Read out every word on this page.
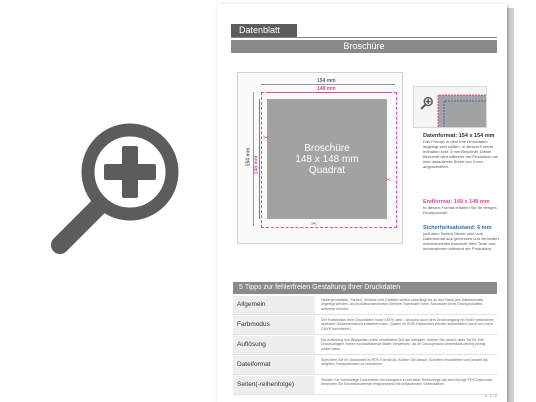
Datenblatt
Broschüre
154 mm
148 mm
154 mm 148 mm
Broschüre
148 x 148 mm
Quadrat
✂
✂
✂
Datenformat: 154 x 154 mm
Das Format, in dem Ihre Druckdaten angelegt sein sollten. In diesem Format enthalten sind: 3 mm Beschnitt. Dieser Beschnitt wird während der Produktion um eine umlaufende Breite von 3 mm abgeschnitten.
Endformat: 148 x 148 mm
In diesem Format erhalten Sie Ihr fertiges Druckprodukt.
Sicherheitsabstand: 6 mm
(auf allen Seiten) Dieser wird vom Datenformat aus gemessen und verhindert unerwünschten Anschnitt Ihrer Texte und Informationen während der Produktion.
5 Tipps zur fehlerfreien Gestaltung Ihrer Druckdaten
Allgemein
Hintergrundbilder, Farben, Verläufe und Grafiken sollten unbedingt bis an den Rand des Datenformats angelegt werden, da produktionstechnisch kleinere Toleranzen beim Schneiden Ihres Druckproduktes auftreten können.
Farbmodus
Der Farbmodus Ihrer Druckdaten muss CMYK sein - da sonst auch dem Druckvorgang ein leicht veränderter, optischer Gesamteindruck entstehen kann. (Daten im RGB-Farbmodus werden automatisch durch uns nach CMYK konvertiert.)
Auflösung
Die Auflösung von Bildquellen sollte mindestens 300 dpi betragen. Achten Sie darauf, dass Sie für Ihre Druckvorlagen immer hochauflösende Bilder verwenden, da Ihr Druckprodukt andernfalls (leicht) pixelig wirken kann.
Dateiformat
Speichern Sie Ihr Dokument im PDF-Format ab. Achten Sie darauf, Schriften einzubetten und (soweit als möglich) Transparenzen zu reduzieren.
Seiten(-reihenfolge)
Senden Sie mehrseitige Dokumente chronologisch in korrekter Reihenfolge als eine einzige PDF-Datei oder benennen Sie Einzeldokumente entsprechend mit fortlaufenden Seitenzahlen.
s. 1 / 2
